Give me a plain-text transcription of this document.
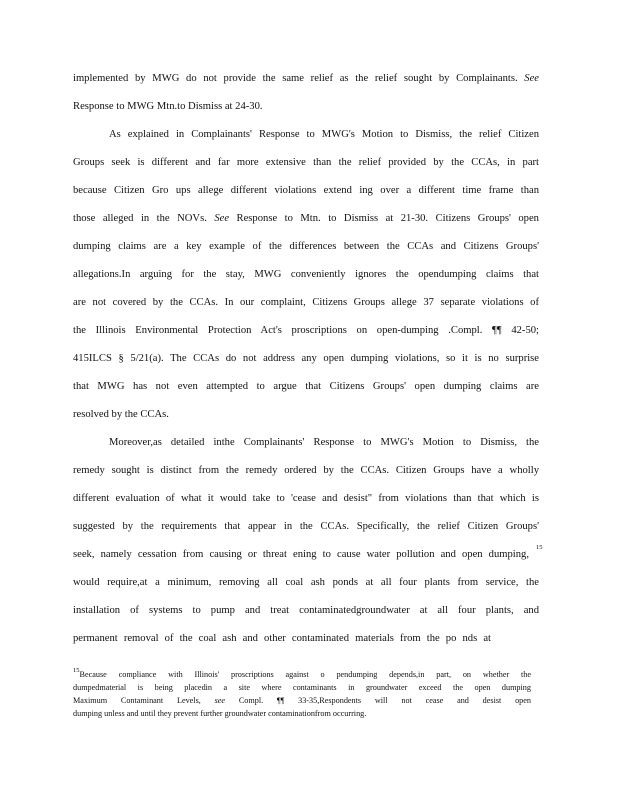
implemented by MWG do not provide the same relief as the relief sought by Complainants. See
Response to MWG Mtn.to Dismiss at 24-30.
As explained in Complainants' Response to MWG's Motion to Dismiss, the relief Citizen
Groups seek is different and far more extensive than the relief provided by the CCAs, in part
because Citizen Gro ups allege different violations extend ing over a different time frame than
those alleged in the NOVs. See Response to Mtn. to Dismiss at 21-30. Citizens Groups' open
dumping claims are a key example of the differences between the CCAs and Citizens Groups'
allegations.In arguing for the stay, MWG conveniently ignores the opendumping claims that
are not covered by the CCAs. In our complaint, Citizens Groups allege 37 separate violations of
the Illinois Environmental Protection Act's proscriptions on open-dumping .Compl. ¶¶ 42-50;
415ILCS § 5/21(a). The CCAs do not address any open dumping violations, so it is no surprise
that MWG has not even attempted to argue that Citizens Groups' open dumping claims are
resolved by the CCAs.
Moreover,as detailed inthe Complainants' Response to MWG's Motion to Dismiss, the
remedy sought is distinct from the remedy ordered by the CCAs. Citizen Groups have a wholly
different evaluation of what it would take to 'cease and desist" from violations than that which is
suggested by the requirements that appear in the CCAs. Specifically, the relief Citizen Groups'
seek, namely cessation from causing or threat ening to cause water pollution and open dumping,
15
would require,at a minimum, removing all coal ash ponds at all four plants from service, the
installation of systems to pump and treat contaminatedgroundwater at all four plants, and
permanent removal of the coal ash and other contaminated materials from the po nds at
$^{15}$Because compliance with Illinois' proscriptions against o pendumping depends,in part, on whether the
dumpedmaterial is being placedin a site where contaminants in groundwater exceed the open dumping
Maximum Contaminant Levels, see Compl. ¶¶ 33-35,Respondents will not cease and desist open
dumping unless and until they prevent further groundwater contaminationfrom occurring.
